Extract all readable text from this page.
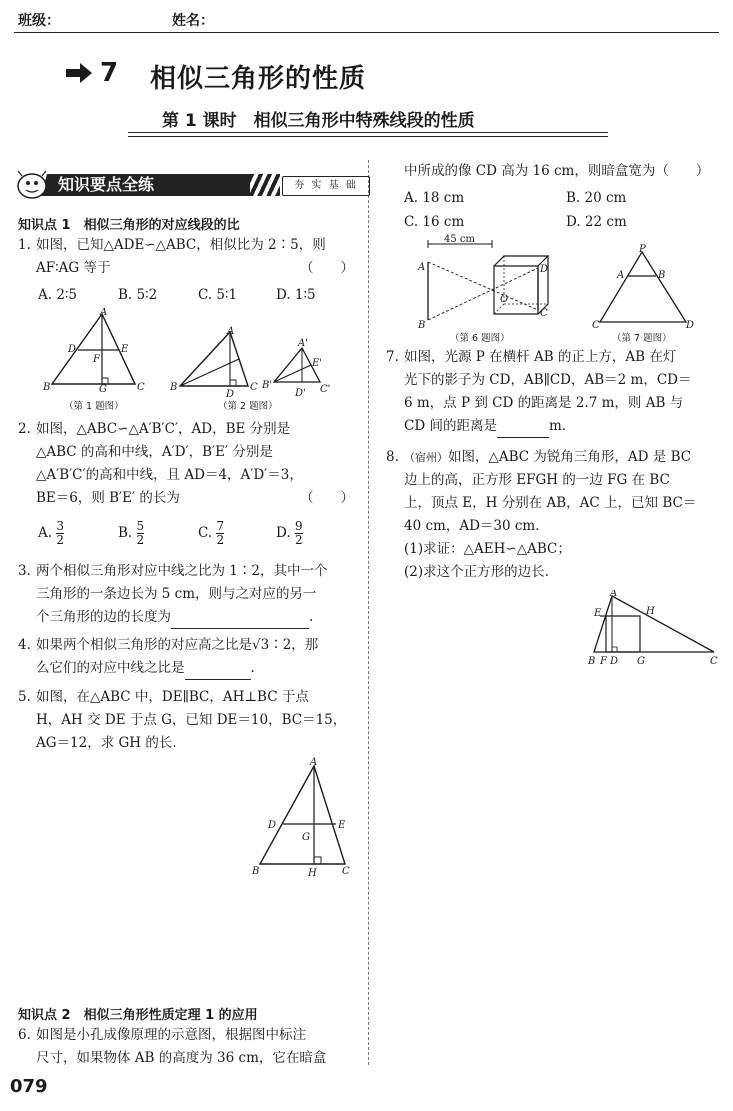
班级：	姓名：
7 相似三角形的性质
第 1 课时　相似三角形中特殊线段的性质
知识要点全练	夯 实 基 础
知识点 1　相似三角形的对应线段的比
1. 如图，已知△ADE∽△ABC，相似比为 2∶5，则
AF∶AG 等于	（　　）
A. 2∶5	B. 5∶2	C. 5∶1	D. 1∶5
A
D	E
F
B	G	C
（第 1 题图）
A
B
D
C
A'
E'
B'
D' C'
（第 2 题图）
2. 如图，△ABC∽△A′B′C′，AD，BE 分别是
△ABC 的高和中线，A′D′，B′E′ 分别是
△A′B′C′的高和中线，且 AD＝4，A′D′＝3，
BE＝6，则 B′E′ 的长为	（　　）
A. $\frac{3}{2}$	B. $\frac{5}{2}$	C. $\frac{7}{2}$	D. $\frac{9}{2}$
3. 两个相似三角形对应中线之比为 1∶2，其中一个
三角形的一条边长为 5 cm，则与之对应的另一
个三角形的边的长度为	.
4. 如果两个相似三角形的对应高之比是√3∶2，那
么它们的对应中线之比是	.
5. 如图，在△ABC 中，DE∥BC，AH⊥BC 于点
H，AH 交 DE 于点 G，已知 DE＝10，BC＝15，
AG＝12，求 GH 的长.
A
D
G
E
B	H	C
知识点 2　相似三角形性质定理 1 的应用
6. 如图是小孔成像原理的示意图，根据图中标注
尺寸，如果物体 AB 的高度为 36 cm，它在暗盒
中所成的像 CD 高为 16 cm，则暗盒宽为（　　）
A. 18 cm	B. 20 cm
C. 16 cm	D. 22 cm
45 cm
A
B
D
O
C
（第 6 题图）
P
A	B
C	D
（第 7 题图）
7. 如图，光源 P 在横杆 AB 的正上方，AB 在灯
光下的影子为 CD，AB∥CD，AB＝2 m，CD＝
6 m，点 P 到 CD 的距离是 2.7 m，则 AB 与
CD 间的距离是	m.
8. （宿州）如图，△ABC 为锐角三角形，AD 是 BC
边上的高，正方形 EFGH 的一边 FG 在 BC
上，顶点 E，H 分别在 AB，AC 上，已知 BC＝
40 cm，AD＝30 cm.
(1)求证：△AEH∽△ABC；
(2)求这个正方形的边长.
A
E	H
B F D G	C
079
